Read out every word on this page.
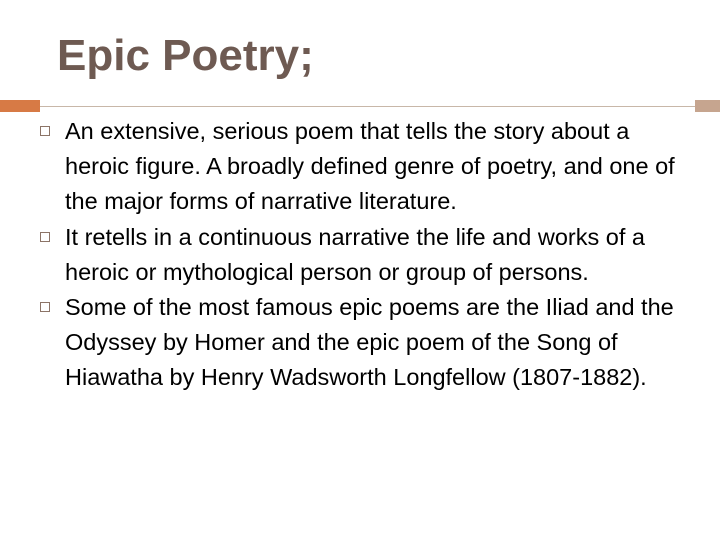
Epic Poetry;
An extensive, serious poem that tells the story about a heroic figure. A broadly defined genre of poetry, and one of the major forms of narrative literature.
It retells in a continuous narrative the life and works of a heroic or mythological person or group of persons.
Some of the most famous epic poems are the Iliad and the Odyssey by Homer and the epic poem of the Song of Hiawatha by Henry Wadsworth Longfellow (1807-1882).
